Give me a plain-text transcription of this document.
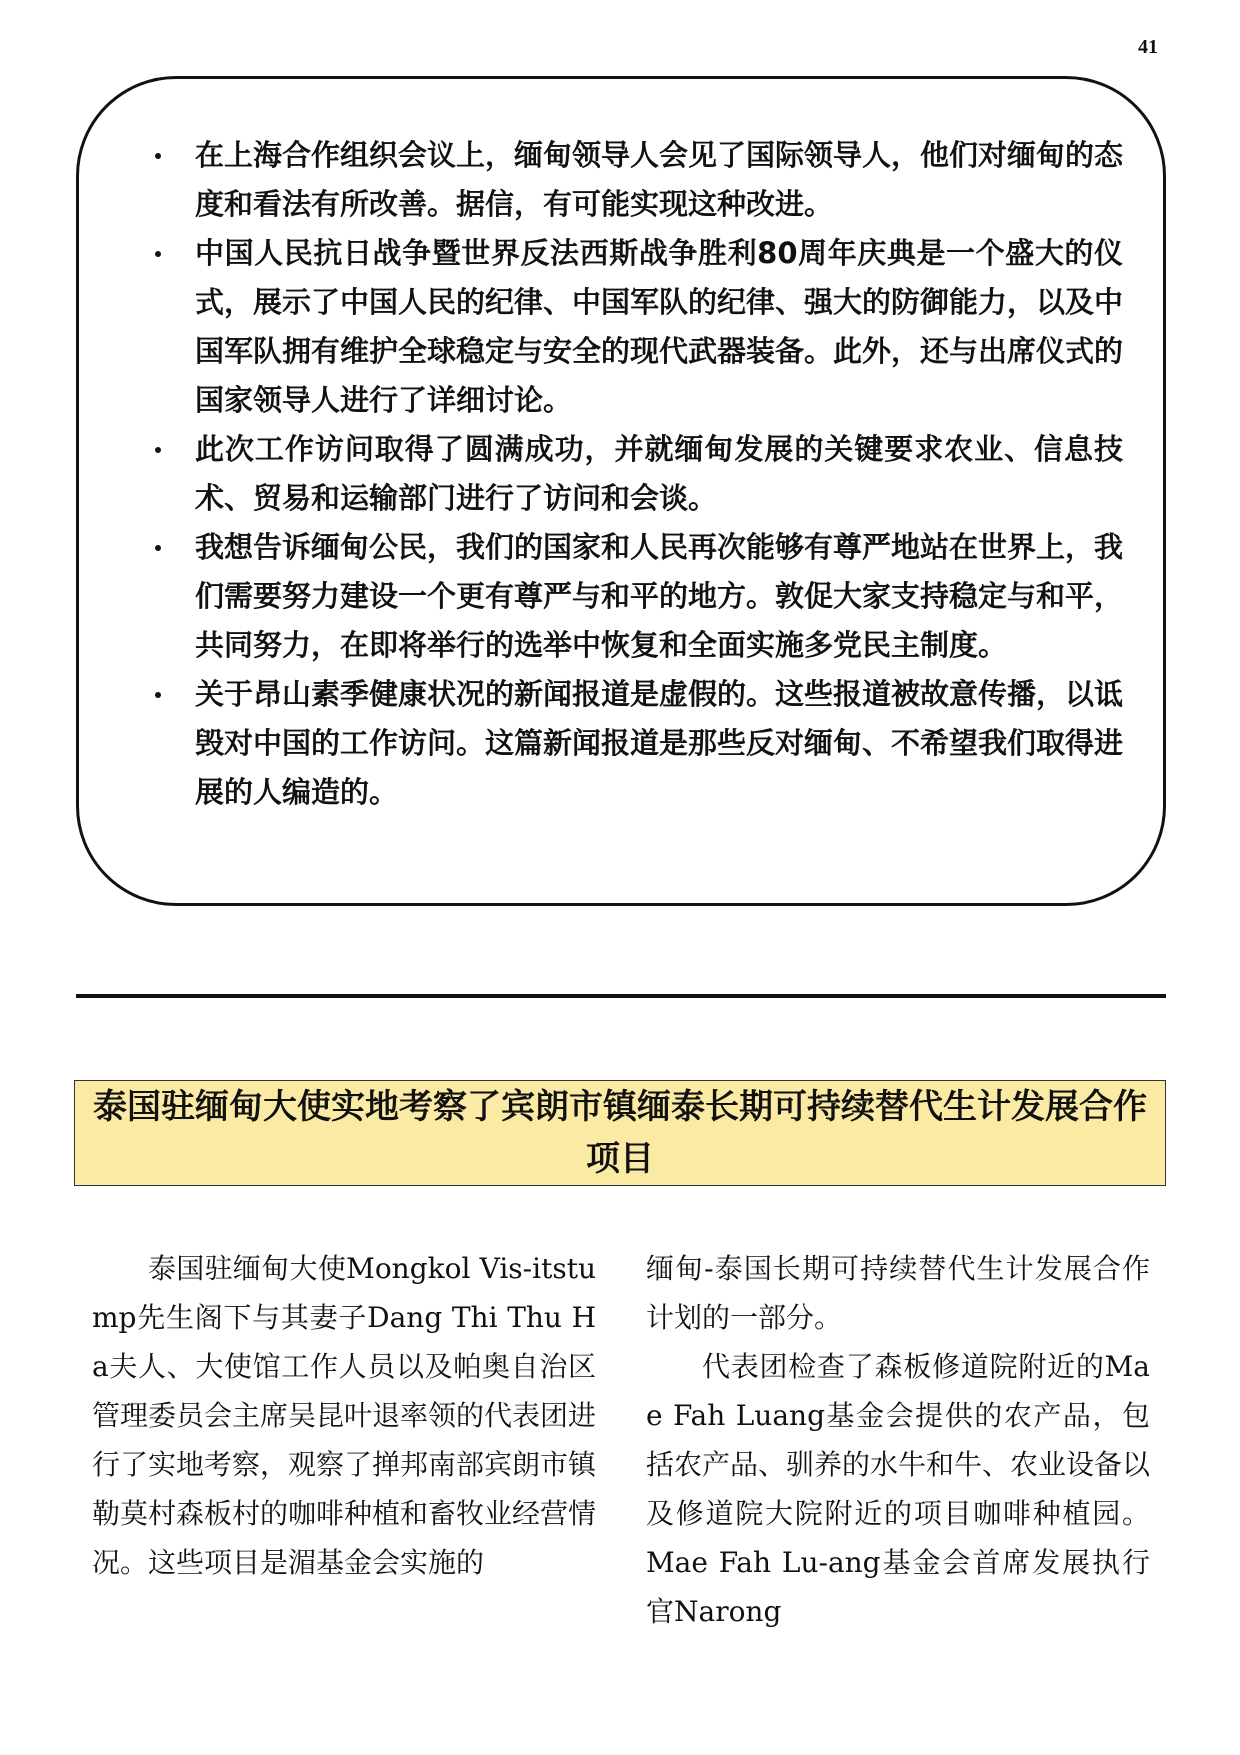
41
在上海合作组织会议上，缅甸领导人会见了国际领导人，他们对缅甸的态度和看法有所改善。据信，有可能实现这种改进。
中国人民抗日战争暨世界反法西斯战争胜利80周年庆典是一个盛大的仪式，展示了中国人民的纪律、中国军队的纪律、强大的防御能力，以及中国军队拥有维护全球稳定与安全的现代武器装备。此外，还与出席仪式的国家领导人进行了详细讨论。
此次工作访问取得了圆满成功，并就缅甸发展的关键要求农业、信息技术、贸易和运输部门进行了访问和会谈。
我想告诉缅甸公民，我们的国家和人民再次能够有尊严地站在世界上，我们需要努力建设一个更有尊严与和平的地方。敦促大家支持稳定与和平，共同努力，在即将举行的选举中恢复和全面实施多党民主制度。
关于昂山素季健康状况的新闻报道是虚假的。这些报道被故意传播，以诋毁对中国的工作访问。这篇新闻报道是那些反对缅甸、不希望我们取得进展的人编造的。
泰国驻缅甸大使实地考察了宾朗市镇缅泰长期可持续替代生计发展合作项目

泰国驻缅甸大使Mongkol Vis-itstump先生阁下与其妻子Dang Thi Thu Ha夫人、大使馆工作人员以及帕奥自治区管理委员会主席吴昆叶退率领的代表团进行了实地考察，观察了掸邦南部宾朗市镇勒莫村森板村的咖啡种植和畜牧业经营情况。这些项目是湄基金会实施的

缅甸-泰国长期可持续替代生计发展合作计划的一部分。

代表团检查了森板修道院附近的Mae Fah Luang基金会提供的农产品，包括农产品、驯养的水牛和牛、农业设备以及修道院大院附近的项目咖啡种植园。Mae Fah Lu-ang基金会首席发展执行官Narong
